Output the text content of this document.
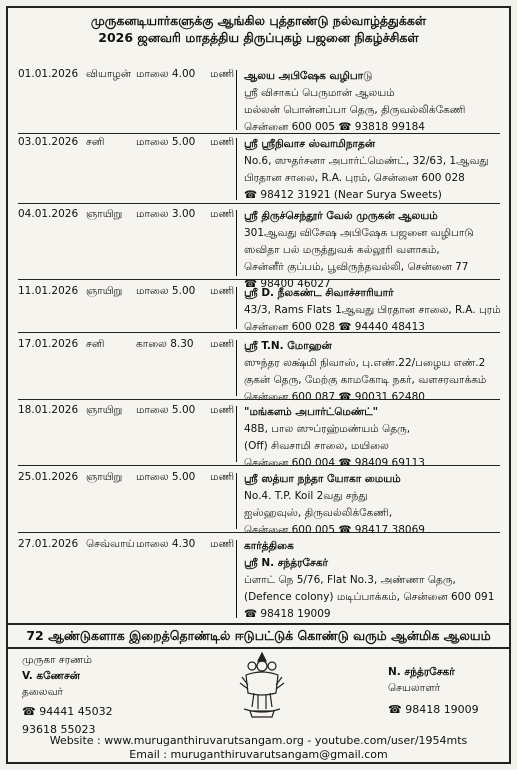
முருகனடியார்களுக்கு ஆங்கில புத்தாண்டு நல்வாழ்த்துக்கள்
2026 ஜனவரி மாதத்திய திருப்புகழ் பஜனை நிகழ்ச்சிகள்
01.01.2026 வியாழன் மாலை 4.00 மணி ஆலய அபிஷேக வழிபாடு
ஸ்ரீ விசாகப் பெருமான் ஆலயம்
மல்லன் பொன்னப்பா தெரு, திருவல்லிக்கேணி
சென்னை 600 005 ☎ 93818 99184
03.01.2026 சனி	மாலை 5.00 மணி ஸ்ரீ ஸ்ரீநிவாச ஸ்வாமிநாதன்
No.6, ஸுதர்சனா அபார்ட்மெண்ட், 32/63, 1ஆவது
பிரதான சாலை, R.A. புரம், சென்னை 600 028
☎ 98412 31921 (Near Surya Sweets)
04.01.2026 ஞாயிறு மாலை 3.00 மணி ஸ்ரீ திருச்செந்தூர் வேல் முருகன் ஆலயம்
301ஆவது விசேஷ அபிஷேக பஜனை வழிபாடு
ஸவிதா பல் மருத்துவக் கல்லூரி வளாகம்,
சென்னீர் குப்பம், பூவிருந்தவல்லி, சென்னை 77
☎ 98400 46027
11.01.2026 ஞாயிறு மாலை 5.00 மணி ஸ்ரீ D. நீலகண்ட சிவாச்சாரியார்
43/3, Rams Flats 1ஆவது பிரதான சாலை, R.A. புரம்
சென்னை 600 028 ☎ 94440 48413
17.01.2026 சனி	காலை 8.30 மணி ஸ்ரீ T.N. மோஹன்
ஸுந்தர லக்ஷ்மி நிவாஸ், பு.எண்.22/பழைய எண்.2
குகன் தெரு, மேற்கு காமகோடி நகர், வளசரவாக்கம்
சென்னை 600 087 ☎ 90031 62480
18.01.2026 ஞாயிறு மாலை 5.00 மணி "மங்களம் அபார்ட்மெண்ட்"
48B, பால ஸுப்ரஹ்மண்யம் தெரு,
(Off) சிவசாமி சாலை, மயிலை
சென்னை 600 004 ☎ 98409 69113
25.01.2026 ஞாயிறு மாலை 5.00 மணி ஸ்ரீ ஸத்யா நந்தா யோகா மையம்
No.4. T.P. Koil 2வது சந்து
ஐஸ்ஹவுஸ், திருவல்லிக்கேணி,
சென்னை 600 005 ☎ 98417 38069
27.01.2026 செவ்வாய் மாலை 4.30 மணி கார்த்திகை
ஸ்ரீ N. சந்த்ரசேகர்
ப்ளாட் நெ 5/76, Flat No.3, அண்ணா தெரு,
(Defence colony) மடிப்பாக்கம், சென்னை 600 091
☎ 98418 19009
72 ஆண்டுகளாக இறைத்தொண்டில் ஈடுபட்டுக் கொண்டு வரும் ஆன்மிக ஆலயம்
முருகா சரணம்
V. கணேசன்
தலைவர்
☎ 94441 45032
93618 55023
N. சந்த்ரசேகர்
செயலாளர்
☎ 98418 19009
Website : www.muruganthiruvarutsangam.org - youtube.com/user/1954mts
Email : muruganthiruvarutsangam@gmail.com
